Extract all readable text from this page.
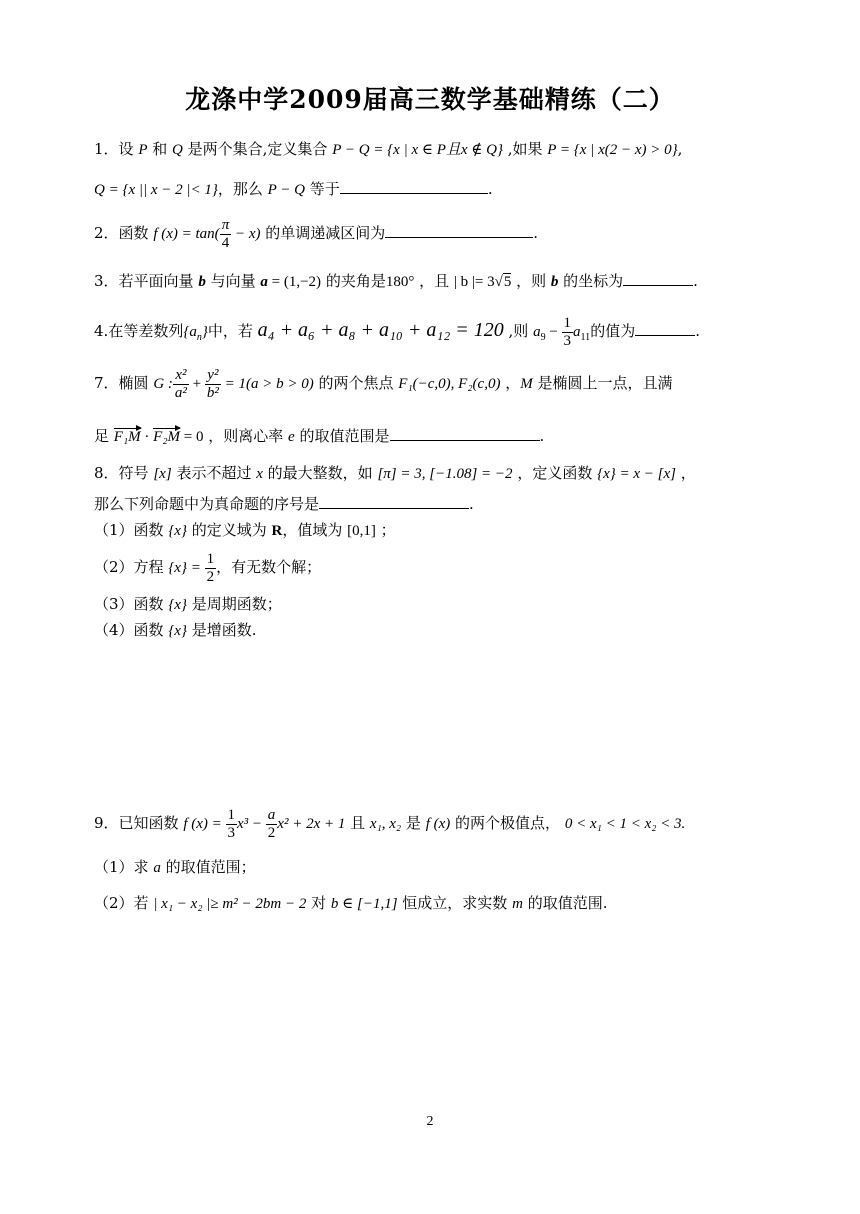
龙涤中学2009届高三数学基础精练（二）
1．设 P 和 Q 是两个集合,定义集合 P − Q = {x | x ∈ P且x ∉ Q} ,如果 P = {x | x(2 − x) > 0},
Q = {x || x − 2 |< 1}，那么 P − Q 等于	.
2．函数 f $(x) = \tan( \frac{\pi}{4} - x)$ 的单调递减区间为	.
3．若平面向量 b 与向量 a = (1,−2) 的夹角是180° ，且 | b |= 3√5 ，则 b 的坐标为	.
4.在等差数列$\{a_n\}$中，若 a₄ + a₆ + a₈ + a₁₀ + a₁₂ = 120 ,则 $a_9 - \frac{1}{3} a_{11}$的值为	.
7．椭圆 G : $\frac{\text{x²}}{\text{a²}} + \frac{\text{y²}}{\text{b²}} = 1(a > b > 0)$ 的两个焦点 F₁(−c,0), F₂(c,0) ，M 是椭圆上一点，且满
足 F₁M · F₂M = 0 ，则离心率 e 的取值范围是	.
8．符号 [x] 表示不超过 x 的最大整数，如 [π] = 3, [−1.08] = −2 ，定义函数 {x} = x − [x] ，
那么下列命题中为真命题的序号是	.
（1）函数 {x} 的定义域为 R，值域为 [0,1] ；
（2）方程 $\{x\} = \frac{1}{2}$ ，有无数个解；
（3）函数 {x} 是周期函数；
（4）函数 {x} 是增函数.
9．已知函数 f $(x) = \frac{1}{3} x^3 - \frac{a}{2} x^2 + 2x + 1$ 且 x₁, x₂ 是 f (x) 的两个极值点， 0 < x₁ < 1 < x₂ < 3.
（1）求 a 的取值范围；
（2）若 | x₁ − x₂ |≥ m² − 2bm − 2 对 b ∈ [−1,1] 恒成立，求实数 m 的取值范围.
2
